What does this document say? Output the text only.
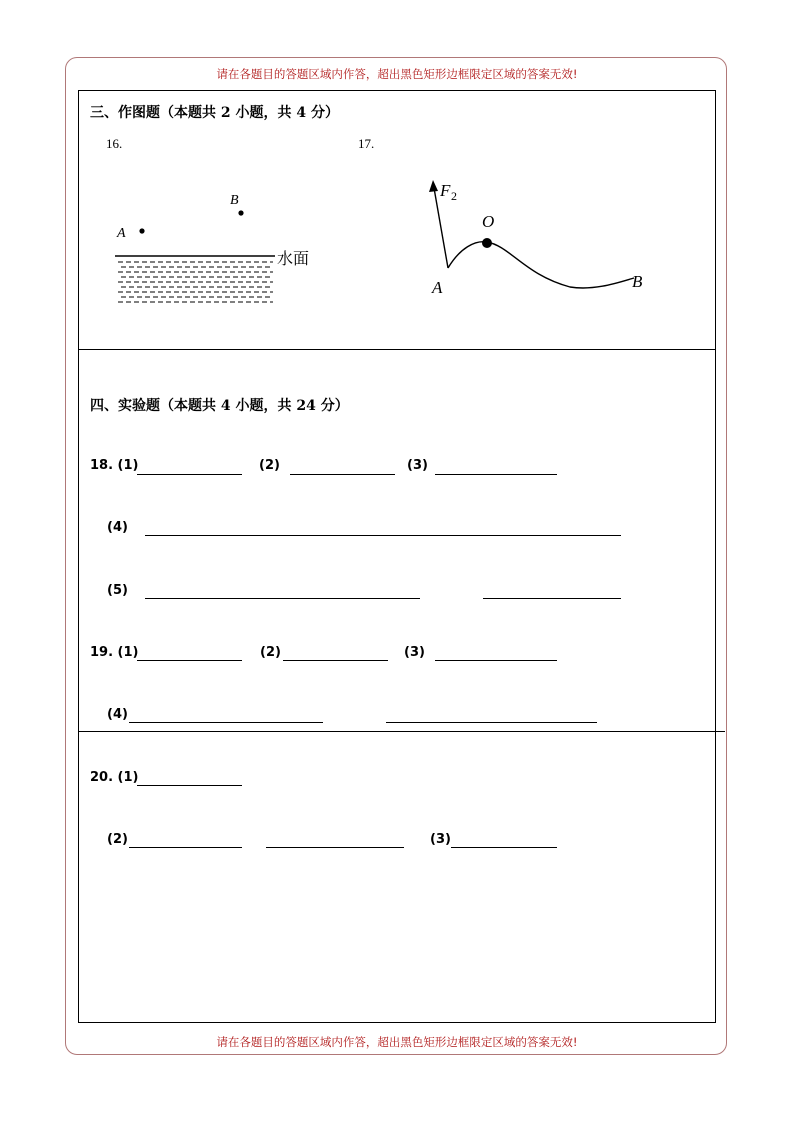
请在各题目的答题区域内作答，超出黑色矩形边框限定区域的答案无效!
请在各题目的答题区域内作答，超出黑色矩形边框限定区域的答案无效!
三、作图题（本题共 2 小题，共 4 分）
16.	17.
B
A
水面
F 2
O
A	B
四、实验题（本题共 4 小题，共 24 分）
18. (1)	(2)	(3)
(4)
(5)
19. (1)	(2)	(3)
(4)
20. (1)
(2)	(3)
